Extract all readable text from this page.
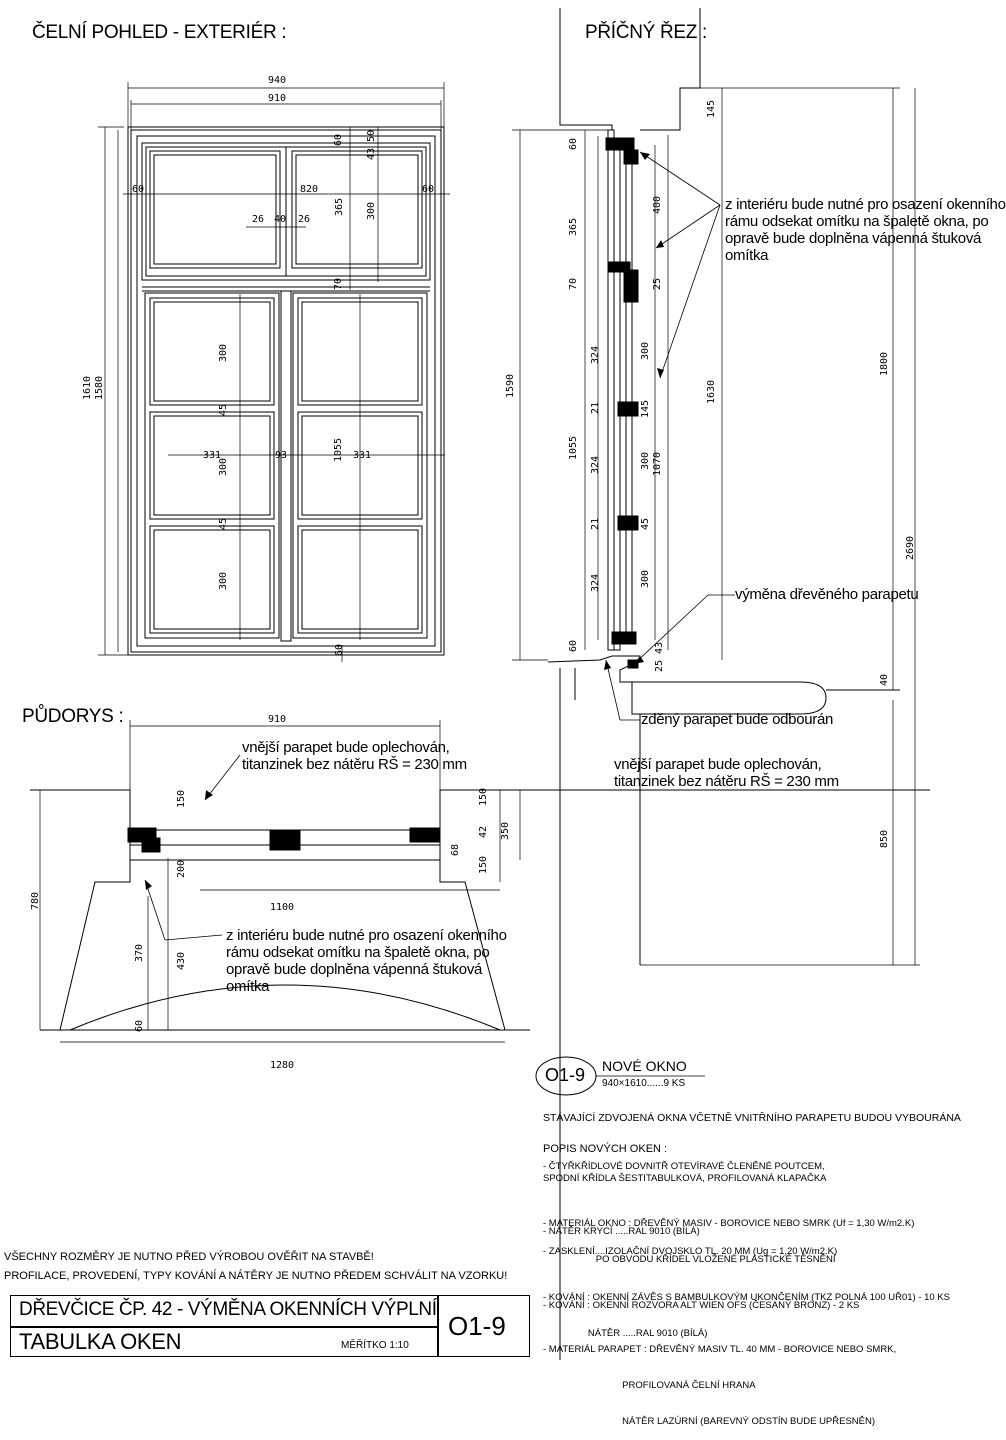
ČELNÍ POHLED - EXTERIÉR :	PŘÍČNÝ ŘEZ :
PŮDORYS :
940
910
60	820	60
26 40 26
365 300
60 43 50
70
1610 1580
300
45
300
45
300
331	93	1055 331
60
145
60
365
400
70	25
324	300
21	145
1055
324	300 1070
21	45
324	300
60	25 43
1590	1630
1800
2690
40
850
910
150	150
42 350
68
150
200
780	1100
370	430
60
1280
z interiéru bude nutné pro osazení okenního
rámu odsekat omítku na špaletě okna, po
opravě bude doplněna vápenná štuková
omítka
výměna dřevěného parapetu
zděný parapet bude odbourán
vnější parapet bude oplechován,
titanzinek bez nátěru RŠ = 230 mm
vnější parapet bude oplechován,
titanzinek bez nátěru RŠ = 230 mm
z interiéru bude nutné pro osazení okenního
rámu odsekat omítku na špaletě okna, po
opravě bude doplněna vápenná štuková
omítka
O1-9 NOVÉ OKNO
940×1610......9 KS
STÁVAJÍCÍ ZDVOJENÁ OKNA VČETNĚ VNITŘNÍHO PARAPETU BUDOU VYBOURÁNA
POPIS NOVÝCH OKEN :
- ČTYŘKŘÍDLOVÉ DOVNITŘ OTEVÍRAVÉ ČLENĚNÉ POUTCEM,
SPODNÍ KŘÍDLA ŠESTITABULKOVÁ, PROFILOVANÁ KLAPAČKA

- MATERIÁL OKNO : DŘEVĚNÝ MASIV - BOROVICE NEBO SMRK (Uf = 1,30 W/m2.K)

PO OBVODU KŘÍDEL VLOŽENÉ PLASTICKÉ TĚSNĚNÍ

- NÁTĚR KRYCÍ .....RAL 9010 (BÍLÁ)
- ZASKLENÍ....IZOLAČNÍ DVOJSKLO TL. 20 MM (Ug = 1,20 W/m2.K)

- KOVÁNÍ : OKENNÍ ZÁVĚS S BAMBULKOVÝM UKONČENÍM (TKZ POLNÁ 100 UŘ01) - 10 KS

NÁTĚR .....RAL 9010 (BÍLÁ)

- KOVÁNÍ : OKENNÍ ROZVORA ALT WIEN OFS (ČESANÝ BRONZ) - 2 KS

- MATERIÁL PARAPET : DŘEVĚNÝ MASIV TL. 40 MM - BOROVICE NEBO SMRK,

PROFILOVANÁ ČELNÍ HRANA

NÁTĚR LAZÚRNÍ (BAREVNÝ ODSTÍN BUDE UPŘESNĚN)

VŠECHNY ROZMĚRY JE NUTNO PŘED VÝROBOU OVĚŘIT NA STAVBĚ!
PROFILACE, PROVEDENÍ, TYPY KOVÁNÍ A NÁTĚRY JE NUTNO PŘEDEM SCHVÁLIT NA VZORKU!
DŘEVČICE ČP. 42 - VÝMĚNA OKENNÍCH VÝPLNÍ
TABULKA OKEN	MĚŘÍTKO 1:10
O1-9
